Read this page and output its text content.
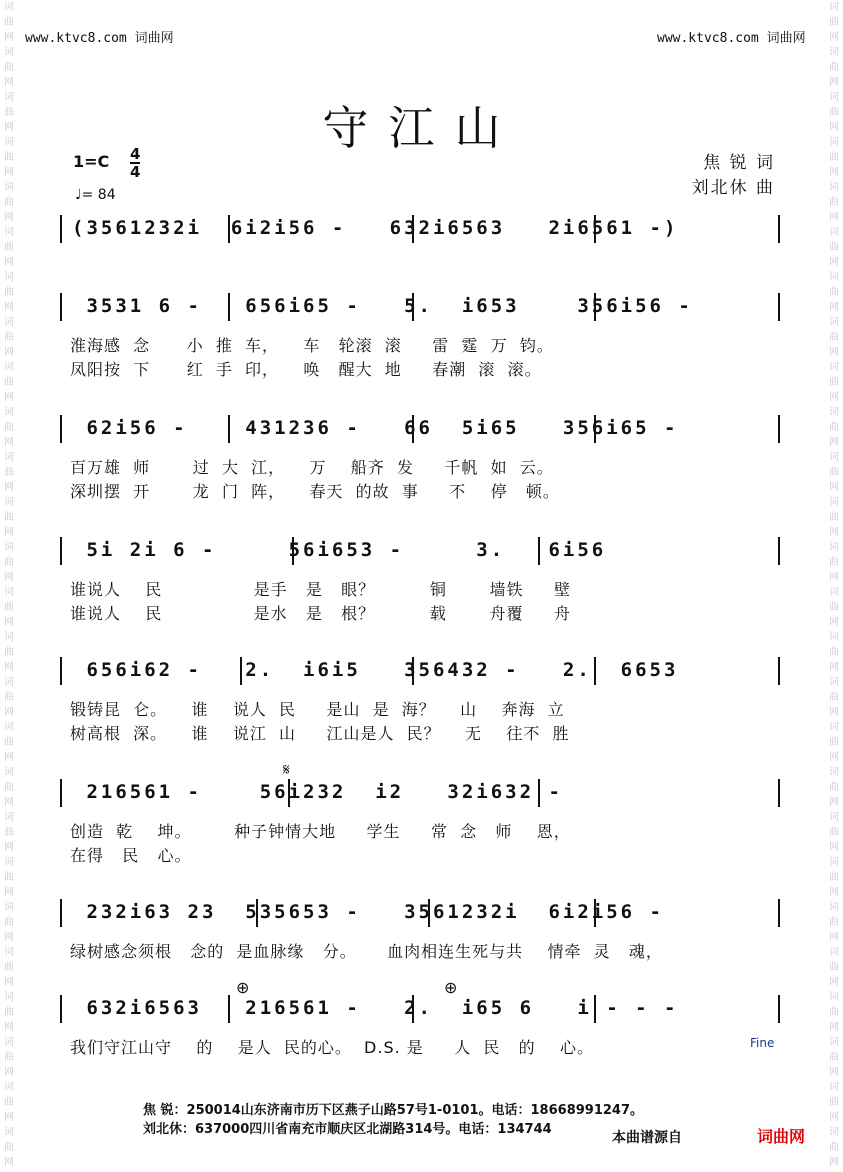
www.ktvc8.com 词曲网	www.ktvc8.com 词曲网
词曲网词曲网词曲网词曲网词曲网词曲网词曲网词曲网词曲网词曲网词曲网词曲网词曲网词曲网词曲网词曲网词曲网词曲网词曲网词曲网词曲网词曲网词曲网词曲网词曲网词曲网
词曲网词曲网词曲网词曲网词曲网词曲网词曲网词曲网词曲网词曲网词曲网词曲网词曲网词曲网词曲网词曲网词曲网词曲网词曲网词曲网词曲网词曲网词曲网词曲网词曲网词曲网
守江山
1=C 4
4
♩= 84
焦 锐 词
刘北休 曲
(3561232i  6i2i56 -   632i6563   2i6561 -)
3531 6 -   656i65 -   5.  i653    356i56 -
淮海感  念      小  推  车，    车   轮滚  滚     雷  霆  万  钧。
凤阳按  下      红  手  印，    唤   醒大  地     春潮  滚  滚。
62i56 -    431236 -   66  5i65   356i65 -
百万雄  师       过  大  江，    万    船齐  发     千帆  如  云。
深圳摆  开       龙  门  阵，    春天  的故  事     不    停   顿。
5i 2i 6 -     56i653 -     3.   6i56
谁说人    民               是手   是   眼？         铜       墙铁     壁
谁说人    民               是水   是   根？         载       舟覆     舟
656i62 -   2.  i6i5   356432 -   2.  6653
锻铸昆  仑。    谁    说人  民     是山  是  海？    山    奔海  立
树高根  深。    谁    说江  山     江山是人  民？    无    往不  胜
216561 -    56i232  i2   32i632 -
创造  乾    坤。       种子钟情大地     学生     常  念   师    恩，
在得   民   心。
232i63 23  535653 -   3561232i  6i2i56 -
绿树感念须根   念的  是血脉缘   分。     血肉相连生死与共    情牵  灵   魂，
632i6563   216561 -   2.  i65 6   i - - -
我们守江山守    的    是人  民的心。  D.S. 是     人  民   的    心。
𝄋
⊕	⊕
Fine
焦 锐：250014山东济南市历下区燕子山路57号1-0101。电话：18668991247。
刘北休：637000四川省南充市顺庆区北湖路314号。电话：134744
本曲谱源自	词曲网
